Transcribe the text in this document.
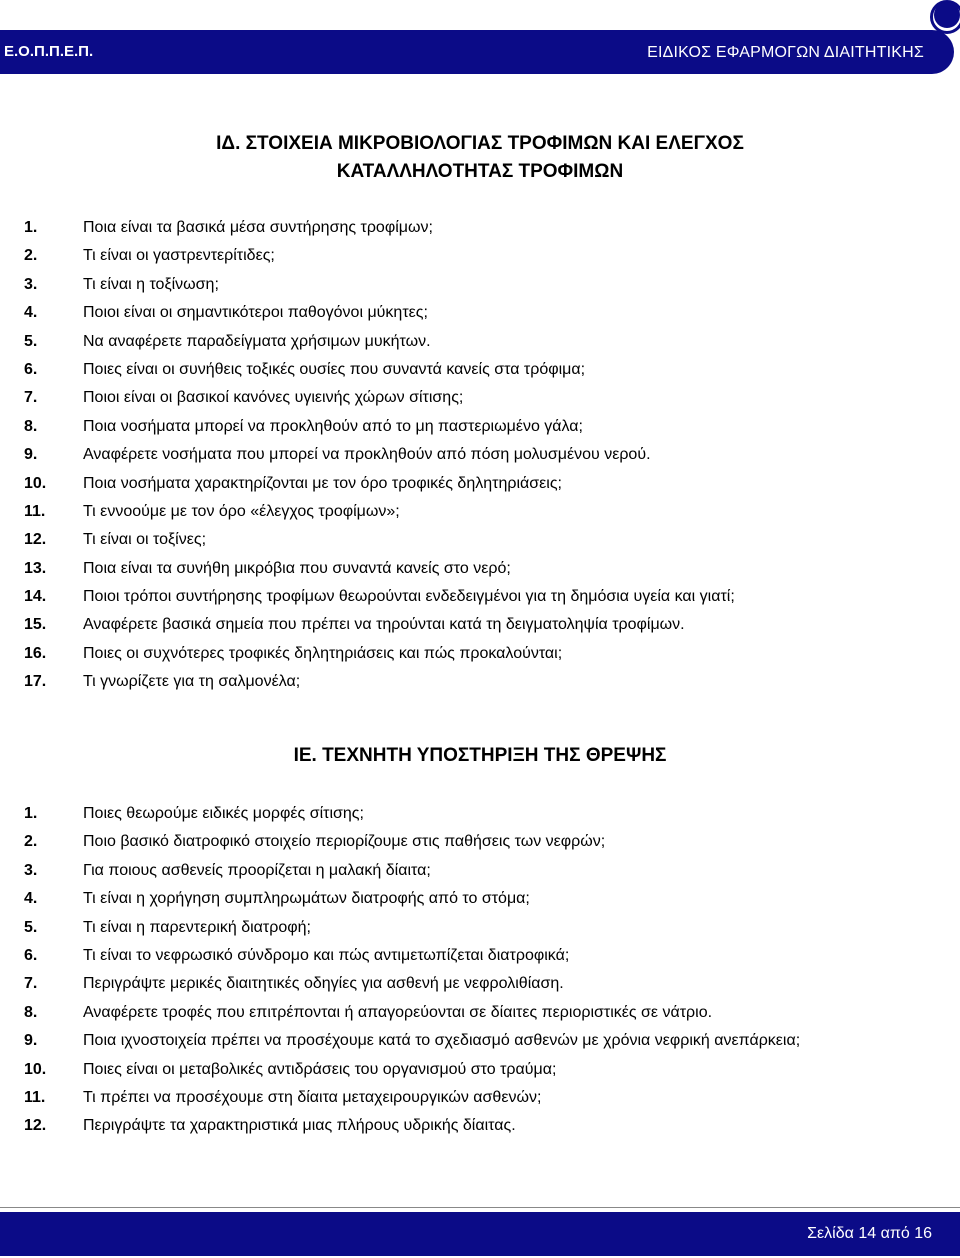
Ε.Ο.Π.Π.Ε.Π.	ΕΙΔΙΚΟΣ ΕΦΑΡΜΟΓΩΝ ΔΙΑΙΤΗΤΙΚΗΣ
ΙΔ. ΣΤΟΙΧΕΙΑ ΜΙΚΡΟΒΙΟΛΟΓΙΑΣ ΤΡΟΦΙΜΩΝ ΚΑΙ ΕΛΕΓΧΟΣ
ΚΑΤΑΛΛΗΛΟΤΗΤΑΣ ΤΡΟΦΙΜΩΝ
1.	Ποια είναι τα βασικά μέσα συντήρησης τροφίμων;
2.	Τι είναι οι γαστρεντερίτιδες;
3.	Τι είναι η τοξίνωση;
4.	Ποιοι είναι οι σημαντικότεροι παθογόνοι μύκητες;
5.	Να αναφέρετε παραδείγματα χρήσιμων μυκήτων.
6.	Ποιες είναι οι συνήθεις τοξικές ουσίες που συναντά κανείς στα τρόφιμα;
7.	Ποιοι είναι οι βασικοί κανόνες υγιεινής χώρων σίτισης;
8.	Ποια νοσήματα μπορεί να προκληθούν από το μη παστεριωμένο γάλα;
9.	Αναφέρετε νοσήματα που μπορεί να προκληθούν από πόση μολυσμένου νερού.
10. Ποια νοσήματα χαρακτηρίζονται με τον όρο τροφικές δηλητηριάσεις;
11. Τι εννοούμε με τον όρο «έλεγχος τροφίμων»;
12. Τι είναι οι τοξίνες;
13. Ποια είναι τα συνήθη μικρόβια που συναντά κανείς στο νερό;
14. Ποιοι τρόποι συντήρησης τροφίμων θεωρούνται ενδεδειγμένοι για τη δημόσια υγεία και γιατί;
15. Αναφέρετε βασικά σημεία που πρέπει να τηρούνται κατά τη δειγματοληψία τροφίμων.
16. Ποιες οι συχνότερες τροφικές δηλητηριάσεις και πώς προκαλούνται;
17. Τι γνωρίζετε για τη σαλμονέλα;
ΙΕ. ΤΕΧΝΗΤΗ ΥΠΟΣΤΗΡΙΞΗ ΤΗΣ ΘΡΕΨΗΣ
1.	Ποιες θεωρούμε ειδικές μορφές σίτισης;
2.	Ποιο βασικό διατροφικό στοιχείο περιορίζουμε στις παθήσεις των νεφρών;
3.	Για ποιους ασθενείς προορίζεται η μαλακή δίαιτα;
4.	Τι είναι η χορήγηση συμπληρωμάτων διατροφής από το στόμα;
5.	Τι είναι η παρεντερική διατροφή;
6.	Τι είναι το νεφρωσικό σύνδρομο και πώς αντιμετωπίζεται διατροφικά;
7.	Περιγράψτε μερικές διαιτητικές οδηγίες για ασθενή με νεφρολιθίαση.
8.	Αναφέρετε τροφές που επιτρέπονται ή απαγορεύονται σε δίαιτες περιοριστικές σε νάτριο.
9.	Ποια ιχνοστοιχεία πρέπει να προσέχουμε κατά το σχεδιασμό ασθενών με χρόνια νεφρική ανεπάρκεια;
10. Ποιες είναι οι μεταβολικές αντιδράσεις του οργανισμού στο τραύμα;
11. Τι πρέπει να προσέχουμε στη δίαιτα μεταχειρουργικών ασθενών;
12. Περιγράψτε τα χαρακτηριστικά μιας πλήρους υδρικής δίαιτας.
Σελίδα 14 από 16
